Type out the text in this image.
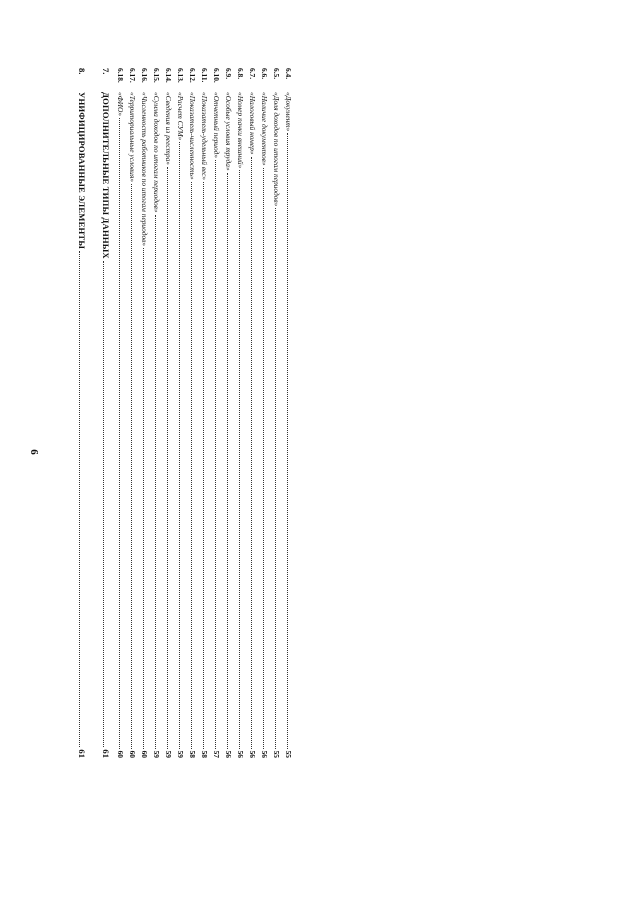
6
6.4.
«Документ»
55
6.5.
«Доля доходов по итогам периодов»
55
6.6.
«Наличие документов»
56
6.7.
«Налоговый номер»
56
6.8.
«Номер пачки внешний»
56
6.9.
«Особые условия труда»
56
6.10.
«Отчетный период»
57
6.11.
«Показатель-удельный вес»
58
6.12.
«Показатель-численность»
58
6.13.
«Расчет СУМ»
59
6.14.
«Сведения из реестра»
59
6.15.
«Сумма доходов по итогам периодов»
59
6.16.
«Численность работников по итогам периодов»
60
6.17.
«Территориальные условия»
60
6.18.
«ФИО»
60
7.
ДОПОЛНИТЕЛЬНЫЕ ТИПЫ ДАННЫХ
61
8.
УНИФИЦИРОВАННЫЕ ЭЛЕМЕНТЫ
61
